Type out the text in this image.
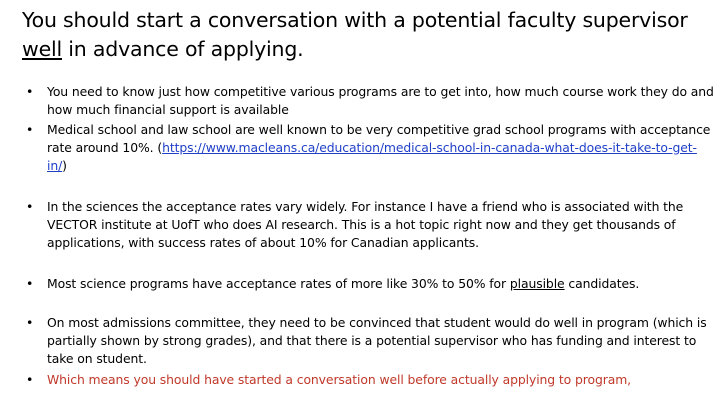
You should start a conversation with a potential faculty supervisor
well in advance of applying.
• You need to know just how competitive various programs are to get into, how much course work they do and how much financial support is available
• Medical school and law school are well known to be very competitive grad school programs with acceptance rate around 10%. (https://www.macleans.ca/education/medical-school-in-canada-what-does-it-take-to-get-in/)
• In the sciences the acceptance rates vary widely. For instance I have a friend who is associated with the VECTOR institute at UofT who does AI research. This is a hot topic right now and they get thousands of applications, with success rates of about 10% for Canadian applicants.
• Most science programs have acceptance rates of more like 30% to 50% for plausible candidates.
• On most admissions committee, they need to be convinced that student would do well in program (which is partially shown by strong grades), and that there is a potential supervisor who has funding and interest to take on student.
• Which means you should have started a conversation well before actually applying to program,
